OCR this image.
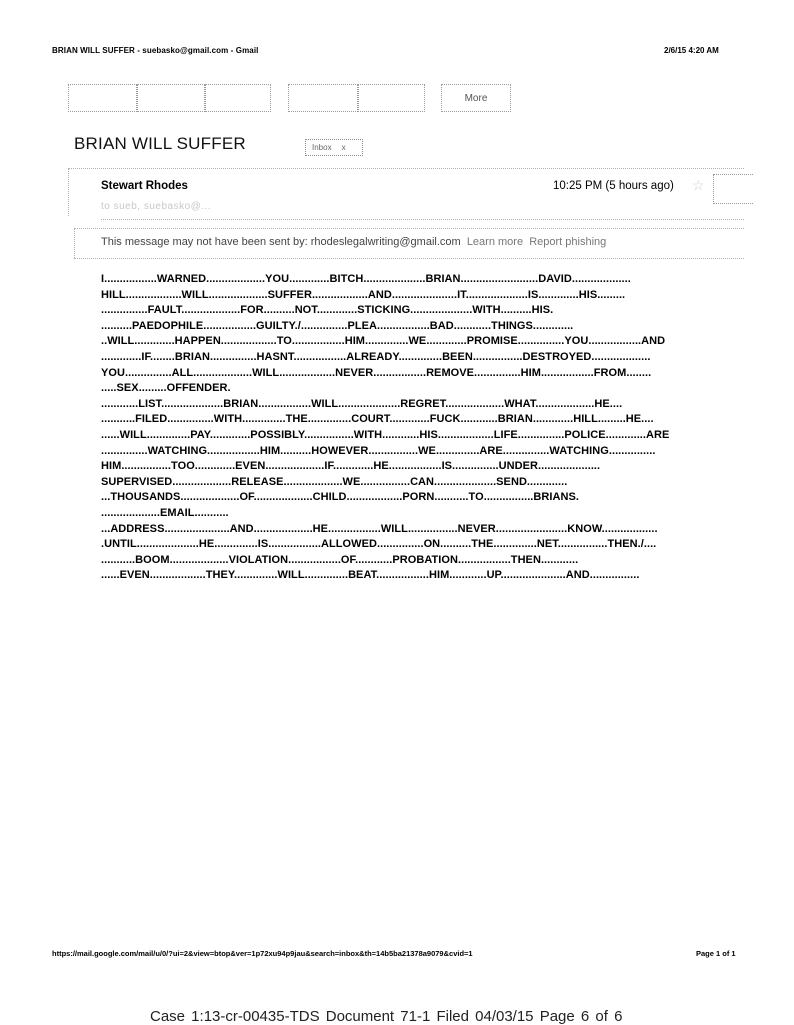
BRIAN WILL SUFFER - suebasko@gmail.com - Gmail	2/6/15 4:20 AM
More
BRIAN WILL SUFFER	Inbox x
Stewart Rhodes
to sueb, suebasko@...
10:25 PM (5 hours ago) ☆
This message may not have been sent by: rhodeslegalwriting@gmail.com Learn more Report phishing
I.................WARNED...................YOU.............BITCH....................BRIAN.........................DAVID...................
HILL..................WILL...................SUFFER..................AND.....................IT....................IS.............HIS.........
...............FAULT...................FOR..........NOT.............STICKING....................WITH..........HIS.
..........PAEDOPHILE.................GUILTY./...............PLEA.................BAD............THINGS.............
..WILL.............HAPPEN..................TO.................HIM..............WE.............PROMISE...............YOU.................AND
.............IF........BRIAN...............HASNT.................ALREADY..............BEEN................DESTROYED...................
YOU...............ALL...................WILL..................NEVER.................REMOVE...............HIM.................FROM........
.....SEX.........OFFENDER.
............LIST....................BRIAN.................WILL....................REGRET...................WHAT...................HE....
...........FILED...............WITH..............THE..............COURT.............FUCK............BRIAN.............HILL.........HE....
......WILL..............PAY.............POSSIBLY................WITH............HIS..................LIFE...............POLICE.............ARE
...............WATCHING.................HIM..........HOWEVER................WE..............ARE...............WATCHING...............
HIM................TOO.............EVEN...................IF.............HE.................IS...............UNDER....................
SUPERVISED...................RELEASE...................WE................CAN....................SEND.............
...THOUSANDS...................OF...................CHILD..................PORN...........TO................BRIANS.
...................EMAIL...........
...ADDRESS.....................AND...................HE.................WILL................NEVER.......................KNOW..................
.UNTIL....................HE..............IS.................ALLOWED...............ON..........THE..............NET................THEN./....
...........BOOM...................VIOLATION.................OF............PROBATION.................THEN............
......EVEN..................THEY..............WILL..............BEAT.................HIM............UP.....................AND................
https://mail.google.com/mail/u/0/?ui=2&view=btop&ver=1p72xu94p9jau&search=inbox&th=14b5ba21378a9079&cvid=1	Page 1 of 1
Case 1:13-cr-00435-TDS Document 71-1 Filed 04/03/15 Page 6 of 6
